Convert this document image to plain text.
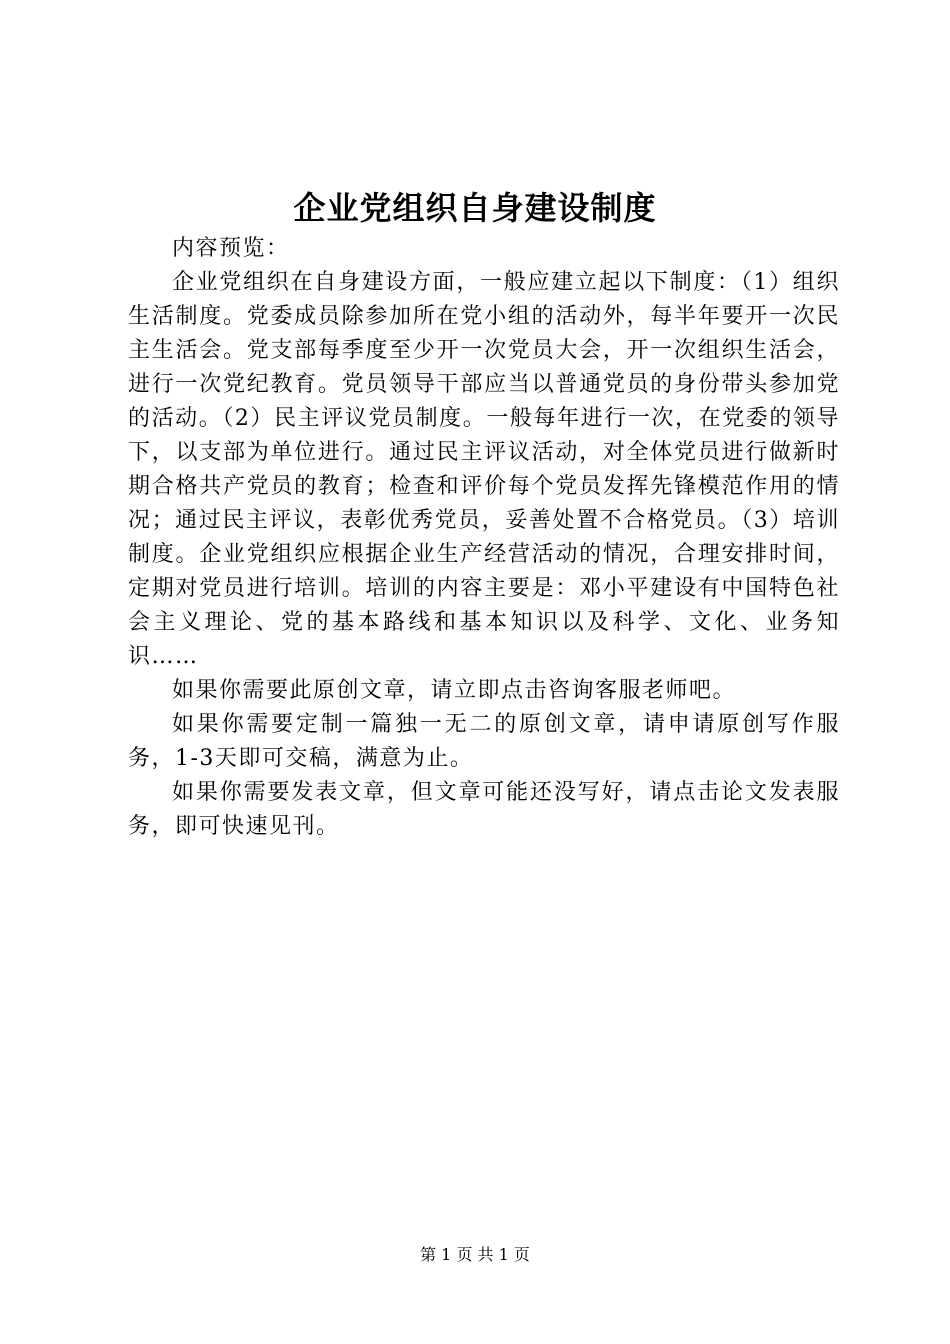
企业党组织自身建设制度

内容预览：

企业党组织在自身建设方面，一般应建立起以下制度：（1）组织生活制度。党委成员除参加所在党小组的活动外，每半年要开一次民主生活会。党支部每季度至少开一次党员大会，开一次组织生活会，进行一次党纪教育。党员领导干部应当以普通党员的身份带头参加党的活动。（2）民主评议党员制度。一般每年进行一次，在党委的领导下，以支部为单位进行。通过民主评议活动，对全体党员进行做新时期合格共产党员的教育；检查和评价每个党员发挥先锋模范作用的情况；通过民主评议，表彰优秀党员，妥善处置不合格党员。（3）培训制度。企业党组织应根据企业生产经营活动的情况，合理安排时间，定期对党员进行培训。培训的内容主要是：邓小平建设有中国特色社会主义理论、党的基本路线和基本知识以及科学、文化、业务知识……

如果你需要此原创文章，请立即点击咨询客服老师吧。

如果你需要定制一篇独一无二的原创文章，请申请原创写作服务，1-3天即可交稿，满意为止。

如果你需要发表文章，但文章可能还没写好，请点击论文发表服务，即可快速见刊。

第 1 页 共 1 页
